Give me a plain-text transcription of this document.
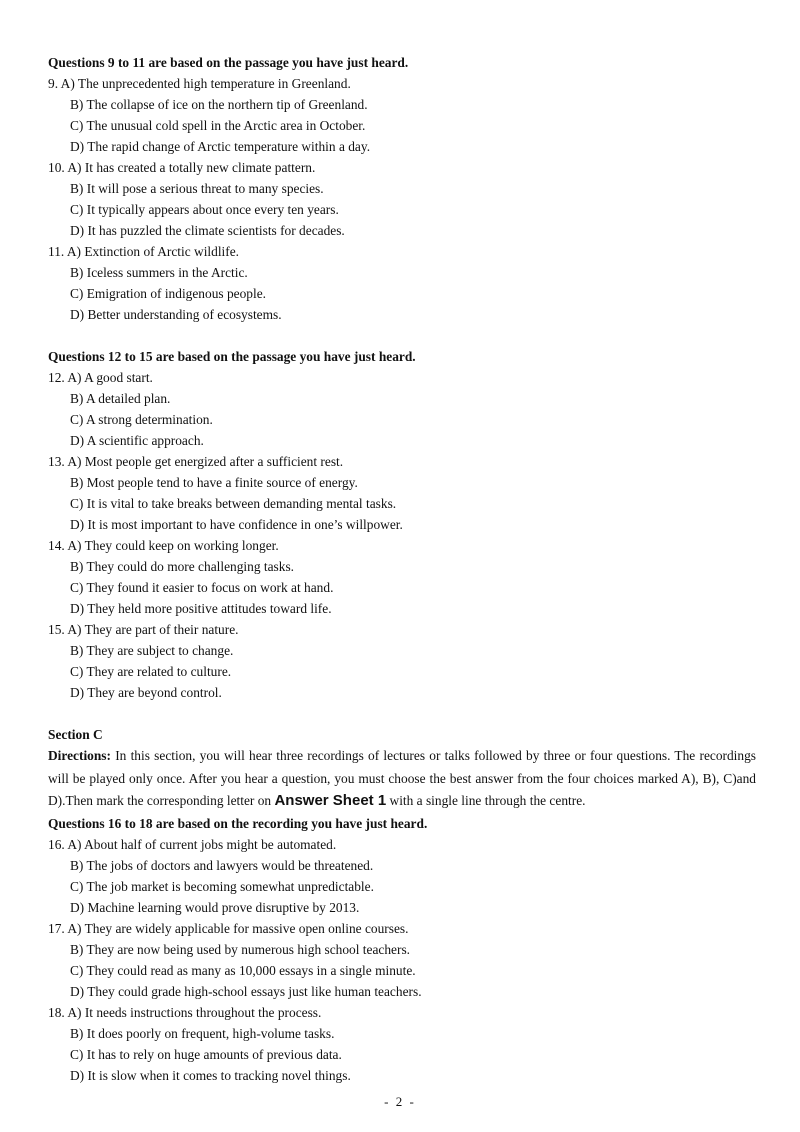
Questions 9 to 11 are based on the passage you have just heard.
9. A) The unprecedented high temperature in Greenland.
B) The collapse of ice on the northern tip of Greenland.
C) The unusual cold spell in the Arctic area in October.
D) The rapid change of Arctic temperature within a day.
10. A) It has created a totally new climate pattern.
B) It will pose a serious threat to many species.
C) It typically appears about once every ten years.
D) It has puzzled the climate scientists for decades.
11. A) Extinction of Arctic wildlife.
B) Iceless summers in the Arctic.
C) Emigration of indigenous people.
D) Better understanding of ecosystems.
Questions 12 to 15 are based on the passage you have just heard.
12. A) A good start.
B) A detailed plan.
C) A strong determination.
D) A scientific approach.
13. A) Most people get energized after a sufficient rest.
B) Most people tend to have a finite source of energy.
C) It is vital to take breaks between demanding mental tasks.
D) It is most important to have confidence in one’s willpower.
14. A) They could keep on working longer.
B) They could do more challenging tasks.
C) They found it easier to focus on work at hand.
D) They held more positive attitudes toward life.
15. A) They are part of their nature.
B) They are subject to change.
C) They are related to culture.
D) They are beyond control.
Section C
Directions: In this section, you will hear three recordings of lectures or talks followed by three or four questions. The recordings will be played only once. After you hear a question, you must choose the best answer from the four choices marked A), B), C)and D).Then mark the corresponding letter on Answer Sheet 1 with a single line through the centre.
Questions 16 to 18 are based on the recording you have just heard.
16. A) About half of current jobs might be automated.
B) The jobs of doctors and lawyers would be threatened.
C) The job market is becoming somewhat unpredictable.
D) Machine learning would prove disruptive by 2013.
17. A) They are widely applicable for massive open online courses.
B) They are now being used by numerous high school teachers.
C) They could read as many as 10,000 essays in a single minute.
D) They could grade high-school essays just like human teachers.
18. A) It needs instructions throughout the process.
B) It does poorly on frequent, high-volume tasks.
C) It has to rely on huge amounts of previous data.
D) It is slow when it comes to tracking novel things.
- 2 -
